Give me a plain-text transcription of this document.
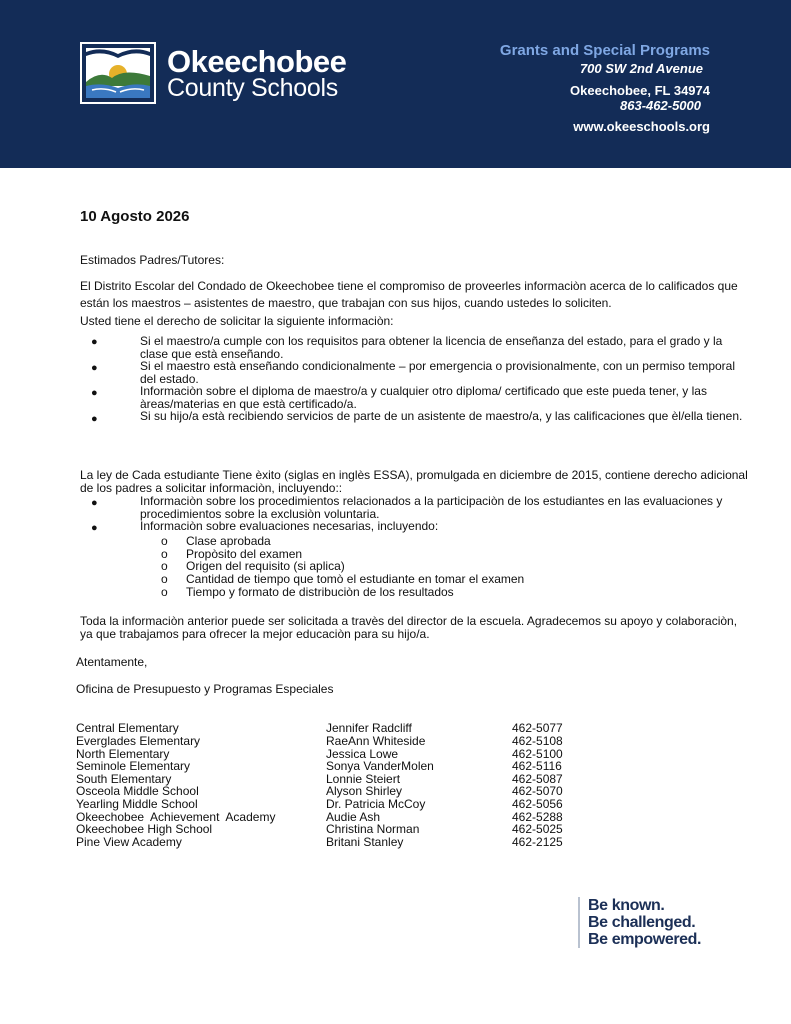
Okeechobee
County Schools
Grants and Special Programs
700 SW 2nd Avenue
Okeechobee, FL 34974
863-462-5000
www.okeeschools.org
10 Agosto 2026
Estimados Padres/Tutores:
El Distrito Escolar del Condado de Okeechobee tiene el compromiso de proveerles informaciòn acerca de lo calificados que
están los maestros – asistentes de maestro, que trabajan con sus hijos, cuando ustedes lo soliciten.
Usted tiene el derecho de solicitar la siguiente informaciòn:
●	Si el maestro/a cumple con los requisitos para obtener la licencia de enseñanza del estado, para el grado y la
clase que està enseñando.
●	Si el maestro està enseñando condicionalmente – por emergencia o provisionalmente, con un permiso temporal
del estado.
●	Informaciòn sobre el diploma de maestro/a y cualquier otro diploma/ certificado que este pueda tener, y las
àreas/materias en que està certificado/a.
●	Si su hijo/a està recibiendo servicios de parte de un asistente de maestro/a, y las calificaciones que èl/ella tienen.
La ley de Cada estudiante Tiene èxito (siglas en inglès ESSA), promulgada en diciembre de 2015, contiene derecho adicional
de los padres a solicitar informaciòn, incluyendo::
●	Informaciòn sobre los procedimientos relacionados a la participaciòn de los estudiantes en las evaluaciones y
procedimientos sobre la exclusiòn voluntaria.
●	Informaciòn sobre evaluaciones necesarias, incluyendo:
o Clase aprobada
o Propòsito del examen
o Origen del requisito (si aplica)
o Cantidad de tiempo que tomò el estudiante en tomar el examen
o Tiempo y formato de distribuciòn de los resultados
Toda la informaciòn anterior puede ser solicitada a travès del director de la escuela. Agradecemos su apoyo y colaboraciòn,
ya que trabajamos para ofrecer la mejor educaciòn para su hijo/a.
Atentamente,
Oficina de Presupuesto y Programas Especiales
Central Elementary	Jennifer Radcliff	462-5077
Everglades Elementary	RaeAnn Whiteside	462-5108
North Elementary	Jessica Lowe	462-5100
Seminole Elementary	Sonya VanderMolen	462-5116
South Elementary	Lonnie Steiert	462-5087
Osceola Middle School	Alyson Shirley	462-5070
Yearling Middle School	Dr. Patricia McCoy	462-5056
Okeechobee  Achievement  Academy	Audie Ash	462-5288
Okeechobee High School	Christina Norman	462-5025
Pine View Academy	Britani Stanley	462-2125
Be known.
Be challenged.
Be empowered.
